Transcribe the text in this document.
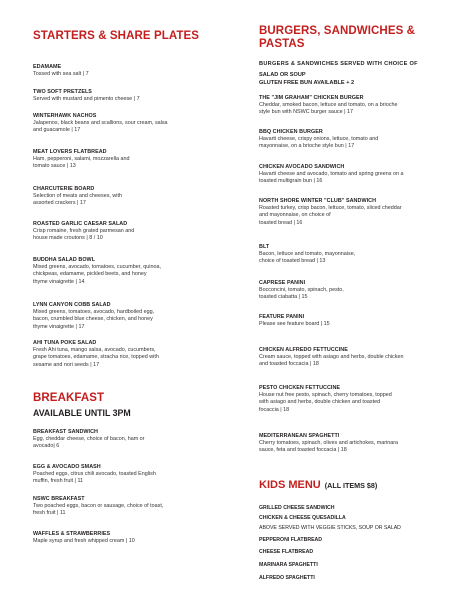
STARTERS & SHARE PLATES
EDAMAME
Tossed with sea salt | 7
TWO SOFT PRETZELS
Served with mustard and pimento cheese | 7
WINTERHAWK NACHOS
Jalapenos, black beans and scallions, sour cream, salsa
and guacamole | 17
MEAT LOVERS FLATBREAD
Ham, pepperoni, salami, mozzarella and
tomato sauce | 13
CHARCUTERIE BOARD
Selection of meats and cheeses, with
assorted crackers | 17
ROASTED GARLIC CAESAR SALAD
Crisp romaine, fresh grated parmesan and
house made croutons | 8 / 10
BUDDHA SALAD BOWL
Mixed greens, avocado, tomatoes, cucumber, quinoa,
chickpeas, edamame, pickled beets, and honey
thyme vinaigrette | 14
LYNN CANYON COBB SALAD
Mixed greens, tomatoes, avocado, hardboiled egg,
bacon, crumbled blue cheese, chicken, and honey
thyme vinaigrette | 17
AHI TUNA POKE SALAD
Fresh Ahi tuna, mango salsa, avocado, cucumbers,
grape tomatoes, edamame, stracha rice, topped with
sesame and nori seeds | 17
BREAKFAST
AVAILABLE UNTIL 3PM
BREAKFAST SANDWICH
Egg, cheddar cheese, choice of bacon, ham or
avocado| 6
EGG & AVOCADO SMASH
Poached eggs, citrus chili avocado, toasted English
muffin, fresh fruit | 11
NSWC BREAKFAST
Two poached eggs, bacon or sausage, choice of toast,
fresh fruit | 11
WAFFLES & STRAWBERRIES
Maple syrup and fresh whipped cream | 10
BURGERS, SANDWICHES &
PASTAS
BURGERS & SANDWICHES SERVED WITH CHOICE OF
SALAD OR SOUP
GLUTEN FREE BUN AVAILABLE + 2
THE "JIM GRAHAM" CHICKEN BURGER
Cheddar, smoked bacon, lettuce and tomato, on a brioche
style bun with NSWC burger sauce | 17
BBQ CHICKEN BURGER
Havarti cheese, crispy onions, lettuce, tomato and
mayonnaise, on a brioche style bun | 17
CHICKEN AVOCADO SANDWICH
Havarti cheese and avocado, tomato and spring greens on a
toasted multigrain bun | 16
NORTH SHORE WINTER "CLUB" SANDWICH
Roasted turkey, crisp bacon, lettuce, tomato, sliced cheddar
and mayonnaise, on choice of
toasted bread | 16
BLT
Bacon, lettuce and tomato, mayonnaise,
choice of toasted bread | 13
CAPRESE PANINI
Bocconcini, tomato, spinach, pesto,
toasted ciabatta | 15
FEATURE PANINI
Please see feature board | 15
CHICKEN ALFREDO FETTUCCINE
Cream sauce, topped with asiago and herbs, double chicken
and toasted foccacia | 18
PESTO CHICKEN FETTUCCINE
House nut free pesto, spinach, cherry tomatoes, topped
with asiago and herbs, double chicken and toasted
focaccia | 18
MEDITERRANEAN SPAGHETTI
Cherry tomatoes, spinach, olives and artichokes, marinara
sauce, feta and toasted foccacia | 18
KIDS MENU (ALL ITEMS $8)
GRILLED CHEESE SANDWICH
CHICKEN & CHEESE QUESADILLA
ABOVE SERVED WITH VEGGIE STICKS, SOUP OR SALAD
PEPPERONI FLATBREAD
CHEESE FLATBREAD
MARINARA SPAGHETTI
ALFREDO SPAGHETTI
